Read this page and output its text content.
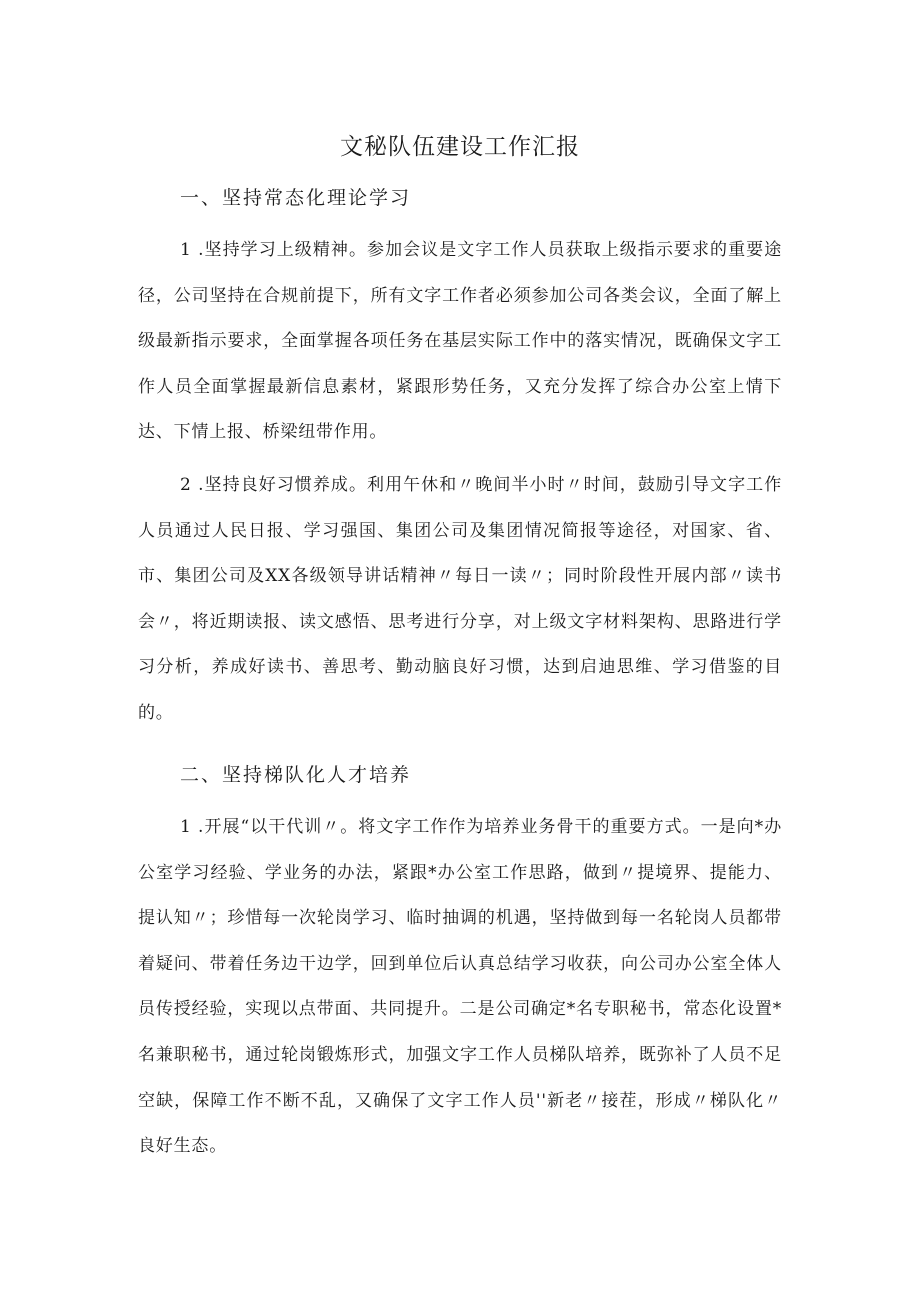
文秘队伍建设工作汇报
一、坚持常态化理论学习
1 .坚持学习上级精神。参加会议是文字工作人员获取上级指示要求的重要途径，公司坚持在合规前提下，所有文字工作者必须参加公司各类会议，全面了解上级最新指示要求，全面掌握各项任务在基层实际工作中的落实情况，既确保文字工作人员全面掌握最新信息素材，紧跟形势任务，又充分发挥了综合办公室上情下达、下情上报、桥梁纽带作用。
2 .坚持良好习惯养成。利用午休和〃晚间半小时〃时间，鼓励引导文字工作人员通过人民日报、学习强国、集团公司及集团情况简报等途径，对国家、省、市、集团公司及XX各级领导讲话精神〃每日一读〃；同时阶段性开展内部〃读书会〃，将近期读报、读文感悟、思考进行分享，对上级文字材料架构、思路进行学习分析，养成好读书、善思考、勤动脑良好习惯，达到启迪思维、学习借鉴的目的。
二、坚持梯队化人才培养
1 .开展“以干代训〃。将文字工作作为培养业务骨干的重要方式。一是向*办公室学习经验、学业务的办法，紧跟*办公室工作思路，做到〃提境界、提能力、提认知〃；珍惜每一次轮岗学习、临时抽调的机遇，坚持做到每一名轮岗人员都带着疑问、带着任务边干边学，回到单位后认真总结学习收获，向公司办公室全体人员传授经验，实现以点带面、共同提升。二是公司确定*名专职秘书，常态化设置*名兼职秘书，通过轮岗锻炼形式，加强文字工作人员梯队培养，既弥补了人员不足空缺，保障工作不断不乱，又确保了文字工作人员''新老〃接茬，形成〃梯队化〃良好生态。
